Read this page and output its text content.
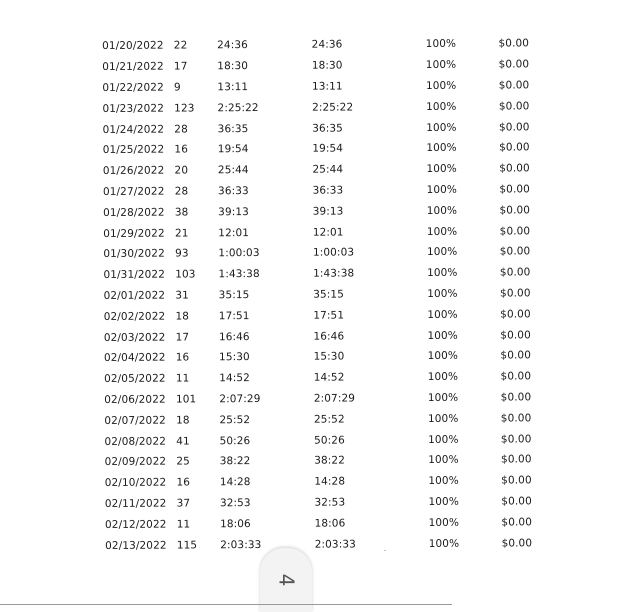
01/20/2022	22	24:36	24:36	100%	$0.00
01/21/2022	17	18:30	18:30	100%	$0.00
01/22/2022	9	13:11	13:11	100%	$0.00
01/23/2022	123	2:25:22	2:25:22	100%	$0.00
01/24/2022	28	36:35	36:35	100%	$0.00
01/25/2022	16	19:54	19:54	100%	$0.00
01/26/2022	20	25:44	25:44	100%	$0.00
01/27/2022	28	36:33	36:33	100%	$0.00
01/28/2022	38	39:13	39:13	100%	$0.00
01/29/2022	21	12:01	12:01	100%	$0.00
01/30/2022	93	1:00:03	1:00:03	100%	$0.00
01/31/2022	103	1:43:38	1:43:38	100%	$0.00
02/01/2022	31	35:15	35:15	100%	$0.00
02/02/2022	18	17:51	17:51	100%	$0.00
02/03/2022	17	16:46	16:46	100%	$0.00
02/04/2022	16	15:30	15:30	100%	$0.00
02/05/2022	11	14:52	14:52	100%	$0.00
02/06/2022	101	2:07:29	2:07:29	100%	$0.00
02/07/2022	18	25:52	25:52	100%	$0.00
02/08/2022	41	50:26	50:26	100%	$0.00
02/09/2022	25	38:22	38:22	100%	$0.00
02/10/2022	16	14:28	14:28	100%	$0.00
02/11/2022	37	32:53	32:53	100%	$0.00
02/12/2022	11	18:06	18:06	100%	$0.00
02/13/2022	115	2:03:33	2:03:33	100%	$0.00
4
